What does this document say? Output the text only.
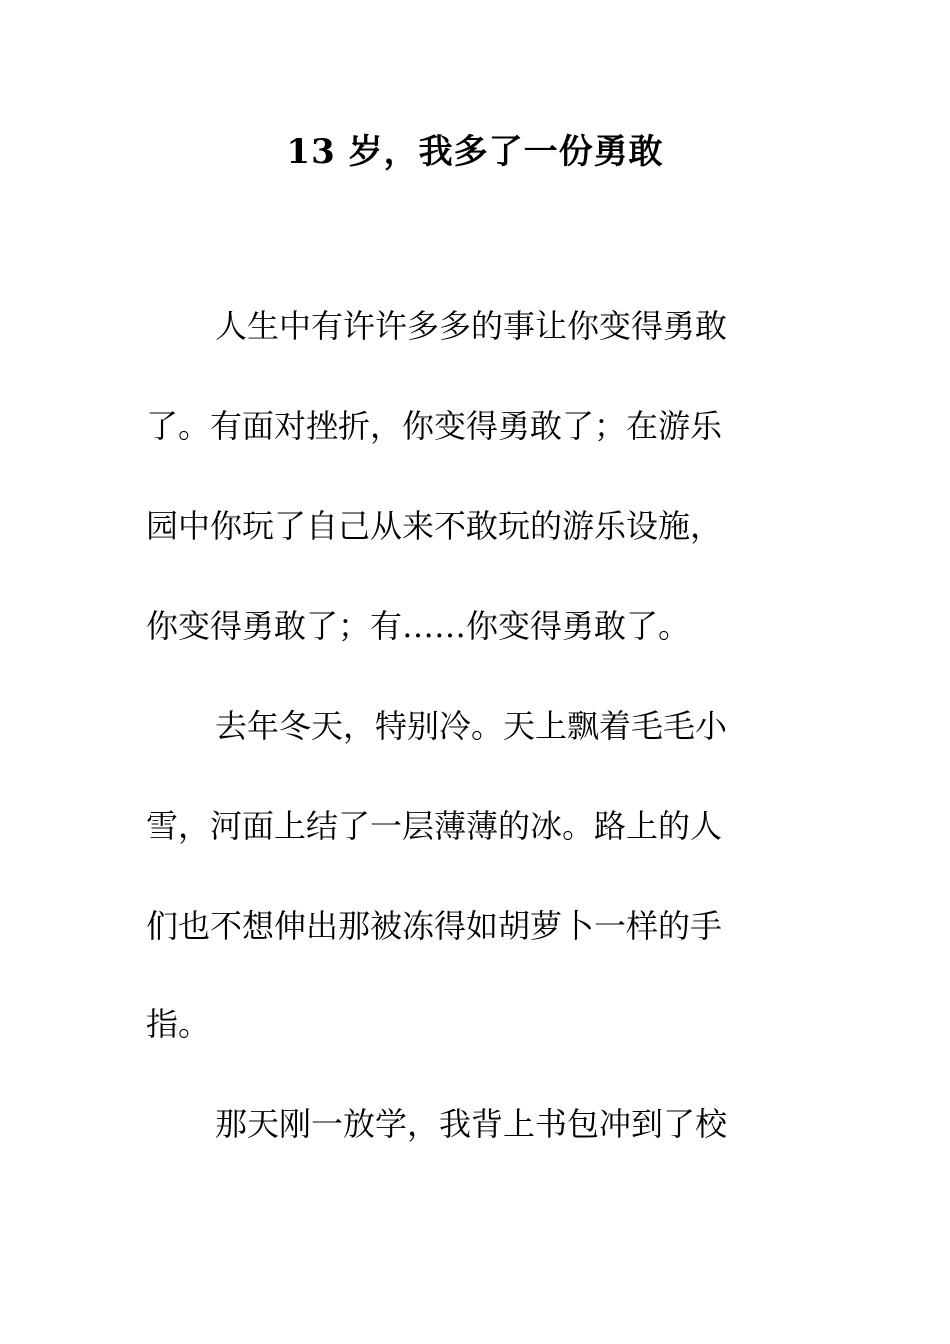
13 岁，我多了一份勇敢

人生中有许许多多的事让你变得勇敢

了。有面对挫折，你变得勇敢了；在游乐

园中你玩了自己从来不敢玩的游乐设施，

你变得勇敢了；有……你变得勇敢了。

去年冬天，特别冷。天上飘着毛毛小

雪，河面上结了一层薄薄的冰。路上的人

们也不想伸出那被冻得如胡萝卜一样的手

指。

那天刚一放学，我背上书包冲到了校
